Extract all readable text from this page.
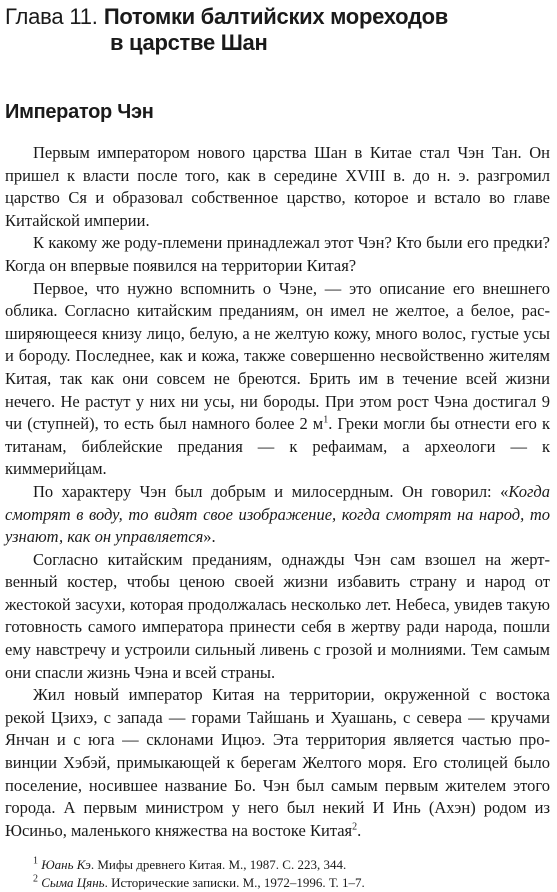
Глава 11. Потомки балтийских мореходов
в царстве Шан
Император Чэн

Первым императором нового царства Шан в Китае стал Чэн Тан. Он пришел к власти после того, как в середине XVIII в. до н. э. разгромил царство Ся и образовал собственное царство, которое и встало во главе Китайской империи.

К какому же роду-племени принадлежал этот Чэн? Кто были его предки? Когда он впервые появился на территории Китая?

Первое, что нужно вспомнить о Чэне, — это описание его внешнего облика. Согласно китайским преданиям, он имел не желтое, а белое, расширяющееся книзу лицо, белую, а не желтую кожу, много волос, густые усы и бороду. Последнее, как и кожа, также совершенно несвойственно жителям Китая, так как они совсем не бреются. Брить им в течение всей жизни нечего. Не растут у них ни усы, ни бороды. При этом рост Чэна достигал 9 чи (ступней), то есть был намного более 2 $м^1$. Греки могли бы отнести его к титанам, библейские предания — к рефаимам, а археологи — к киммерийцам.

По характеру Чэн был добрым и милосердным. Он говорил: «Когда смотрят в воду, то видят свое изображение, когда смотрят на народ, то узнают, как он управляется».

Согласно китайским преданиям, однажды Чэн сам взошел на жертвенный костер, чтобы ценою своей жизни избавить страну и народ от жестокой засухи, которая продолжалась несколько лет. Небеса, увидев такую готовность самого императора принести себя в жертву ради народа, пошли ему навстречу и устроили сильный ливень с грозой и молниями. Тем самым они спасли жизнь Чэна и всей страны.

Жил новый император Китая на территории, окруженной с востока рекой Цзихэ, с запада — горами Тайшань и Хуашань, с севера — кручами Янчан и с юга — склонами Ицюэ. Эта территория является частью провинции Хэбэй, примыкающей к берегам Желтого моря. Его столицей было поселение, носившее название Бо. Чэн был самым первым жителем этого города. А первым министром у него был некий И Инь (Ахэн) родом из Юсиньо, маленького княжества на востоке Китая$^2$.

$^1$ Юань Кэ. Мифы древнего Китая. М., 1987. С. 223, 344.

$^2$ Сыма Цянь. Исторические записки. М., 1972–1996. Т. 1–7.
